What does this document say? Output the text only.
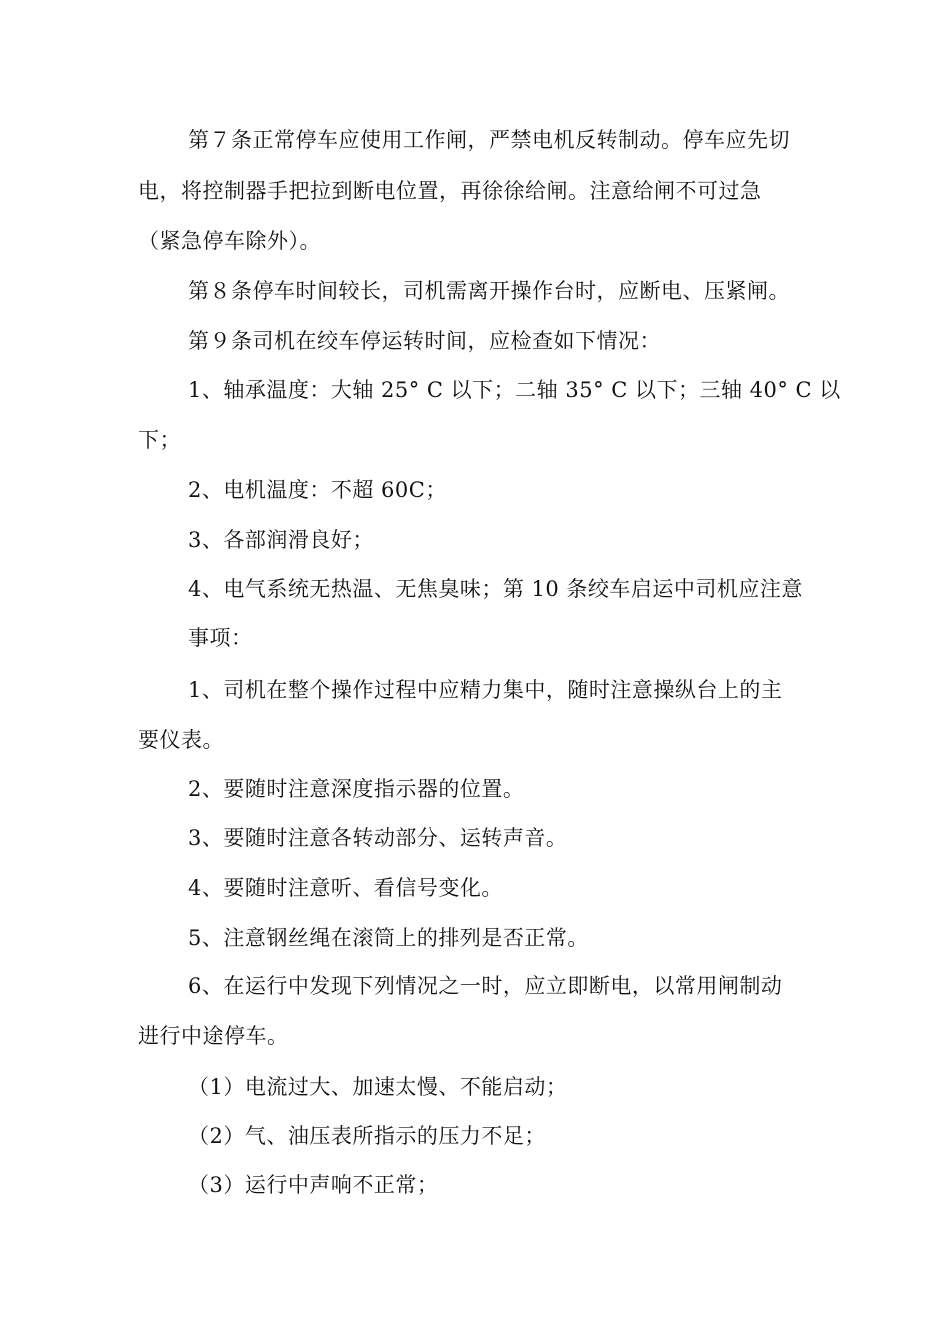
第７条正常停车应使用工作闸，严禁电机反转制动。停车应先切
电，将控制器手把拉到断电位置，再徐徐给闸。注意给闸不可过急
（紧急停车除外）。
第８条停车时间较长，司机需离开操作台时，应断电、压紧闸。
第９条司机在绞车停运转时间，应检查如下情况：
1、轴承温度：大轴 25° C 以下；二轴 35° C 以下；三轴 40° C 以
下；
2、电机温度：不超 60C；
3、各部润滑良好；
4、电气系统无热温、无焦臭味；第 10 条绞车启运中司机应注意
事项：
1、司机在整个操作过程中应精力集中，随时注意操纵台上的主
要仪表。
2、要随时注意深度指示器的位置。
3、要随时注意各转动部分、运转声音。
4、要随时注意听、看信号变化。
5、注意钢丝绳在滚筒上的排列是否正常。
6、在运行中发现下列情况之一时，应立即断电，以常用闸制动
进行中途停车。
（1）电流过大、加速太慢、不能启动；
（2）气、油压表所指示的压力不足；
（3）运行中声响不正常；
